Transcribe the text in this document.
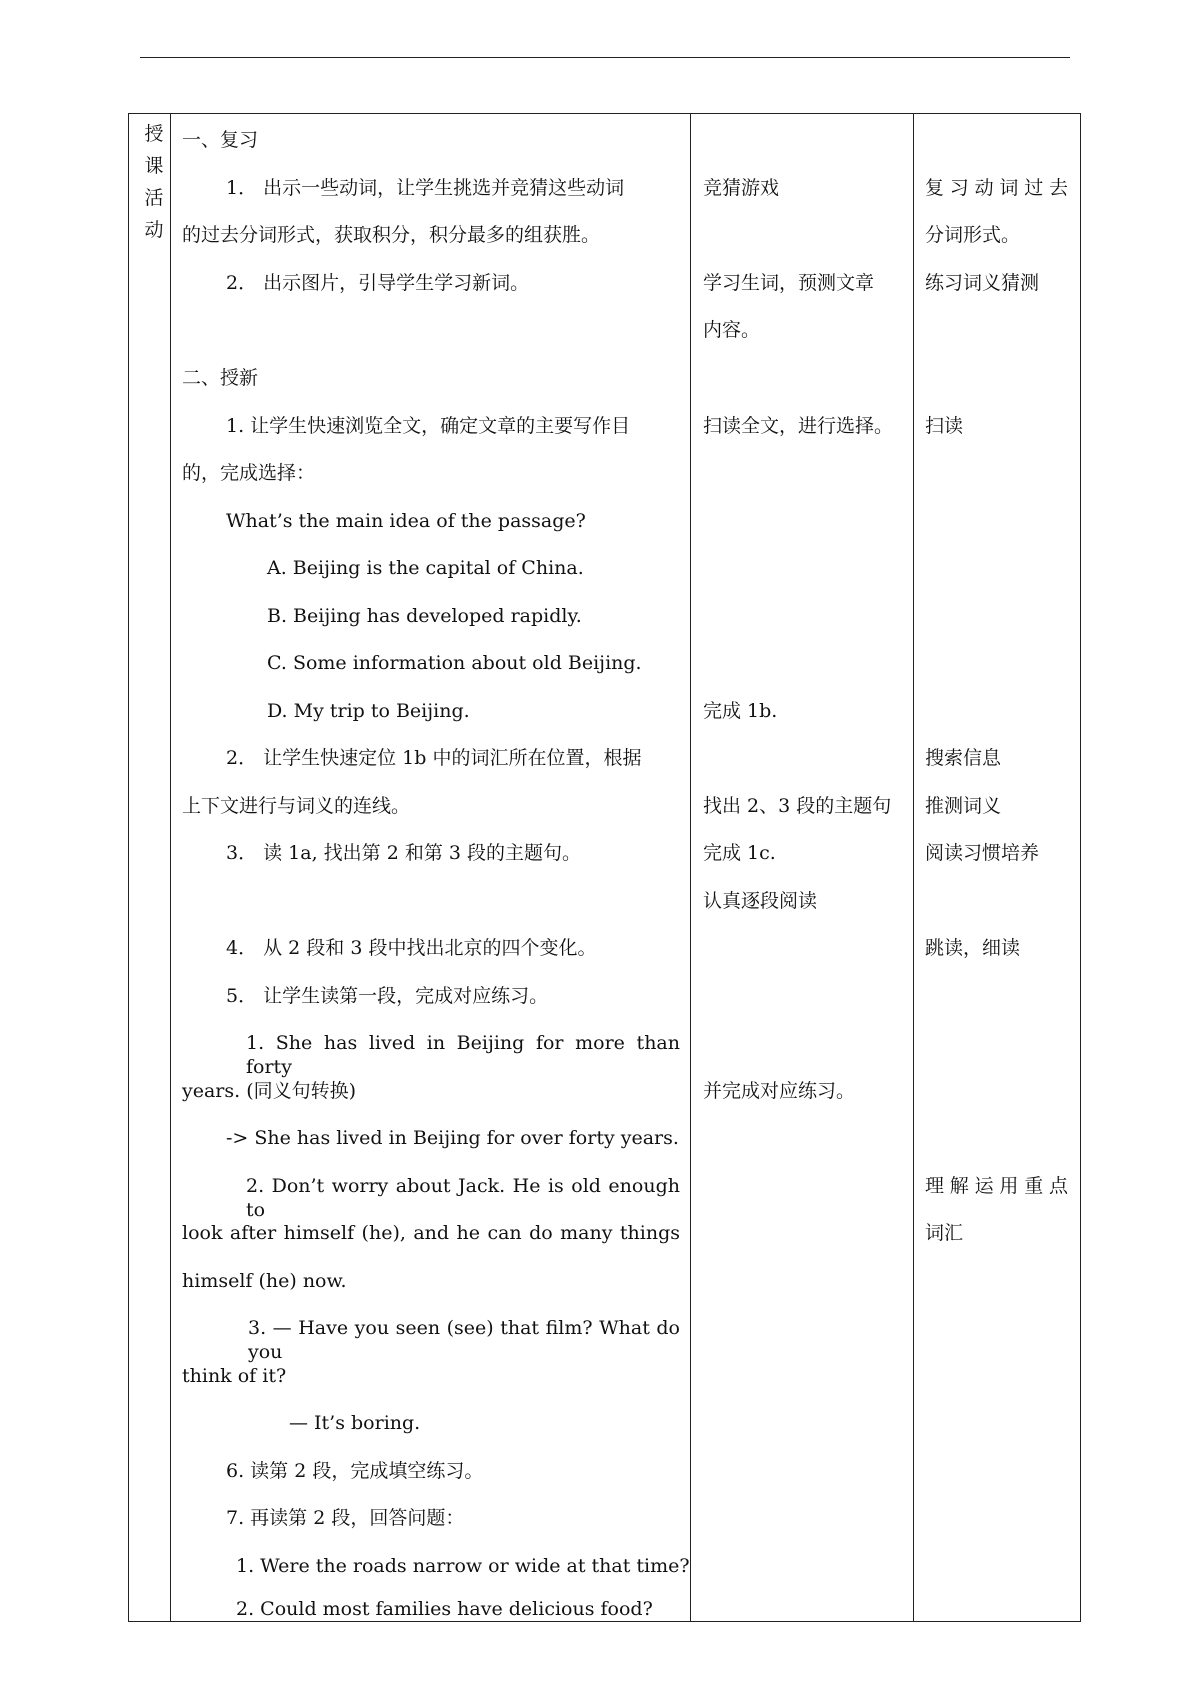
授
课
活
动
一、复习
1． 出示一些动词，让学生挑选并竞猜这些动词
的过去分词形式，获取积分，积分最多的组获胜。
2． 出示图片，引导学生学习新词。
二、授新
1. 让学生快速浏览全文，确定文章的主要写作目
的，完成选择：
What’s the main idea of the passage?
A. Beijing is the capital of China.
B. Beijing has developed rapidly.
C. Some information about old Beijing.
D. My trip to Beijing.
2． 让学生快速定位 1b 中的词汇所在位置，根据
上下文进行与词义的连线。
3． 读 1a, 找出第 2 和第 3 段的主题句。
4． 从 2 段和 3 段中找出北京的四个变化。
5． 让学生读第一段，完成对应练习。
1. She has lived in Beijing for more than forty
years. (同义句转换)
-> She has lived in Beijing for over forty years.
2. Don’t worry about Jack. He is old enough to
look after himself (he), and he can do many things
himself (he) now.
3. — Have you seen (see) that film? What do you
think of it?
— It’s boring.
6. 读第 2 段，完成填空练习。
7. 再读第 2 段，回答问题：
1. Were the roads narrow or wide at that time?
2. Could most families have delicious food?
竞猜游戏
学习生词，预测文章
内容。
扫读全文，进行选择。
完成 1b.
找出 2、3 段的主题句
完成 1c.
认真逐段阅读
并完成对应练习。
复习动词过去
分词形式。
练习词义猜测
扫读
搜索信息
推测词义
阅读习惯培养
跳读，细读
理解运用重点
词汇
